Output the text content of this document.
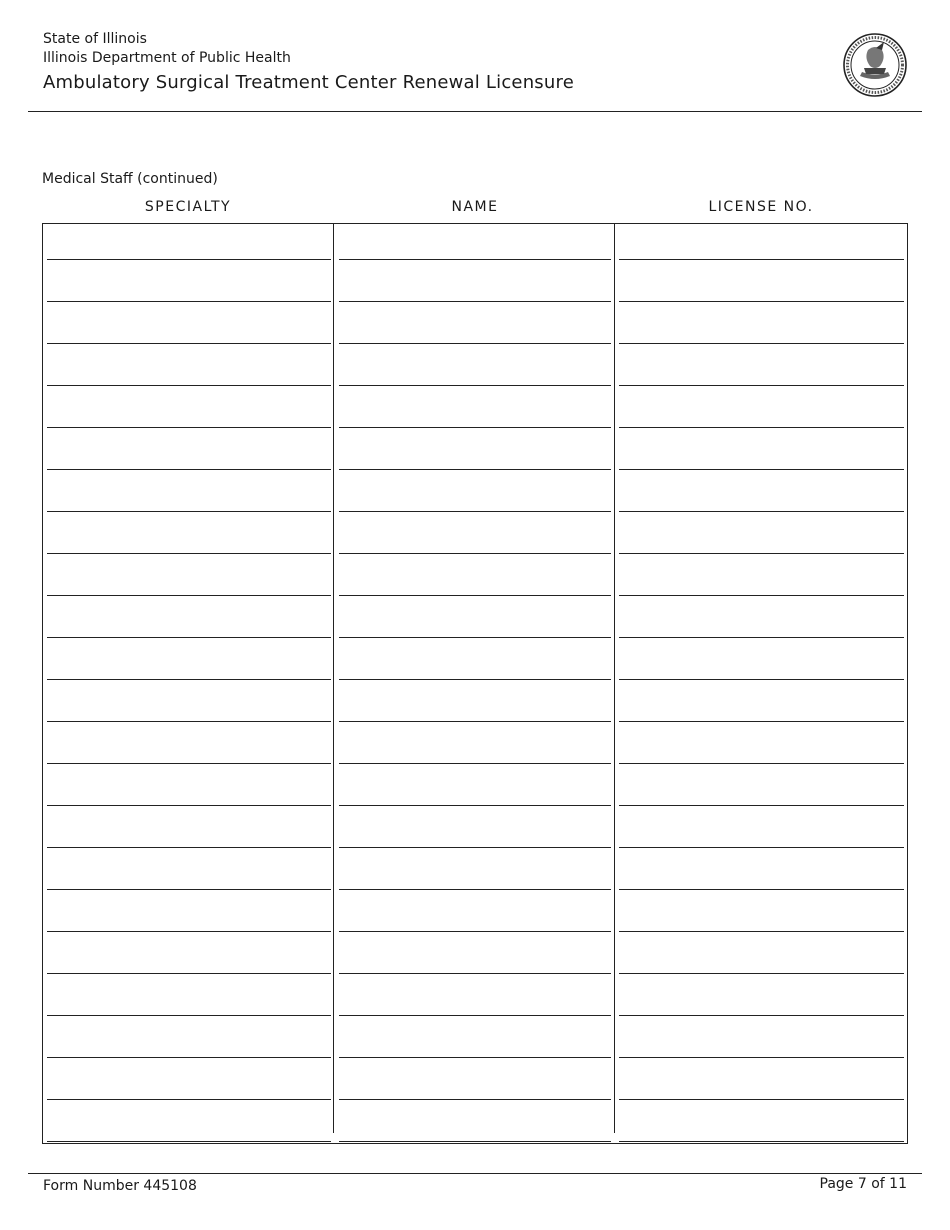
State of Illinois
Illinois Department of Public Health
Ambulatory Surgical Treatment Center Renewal Licensure
Medical Staff (continued)
SPECIALTY	NAME	LICENSE NO.
Form Number 445108	Page 7 of 11
